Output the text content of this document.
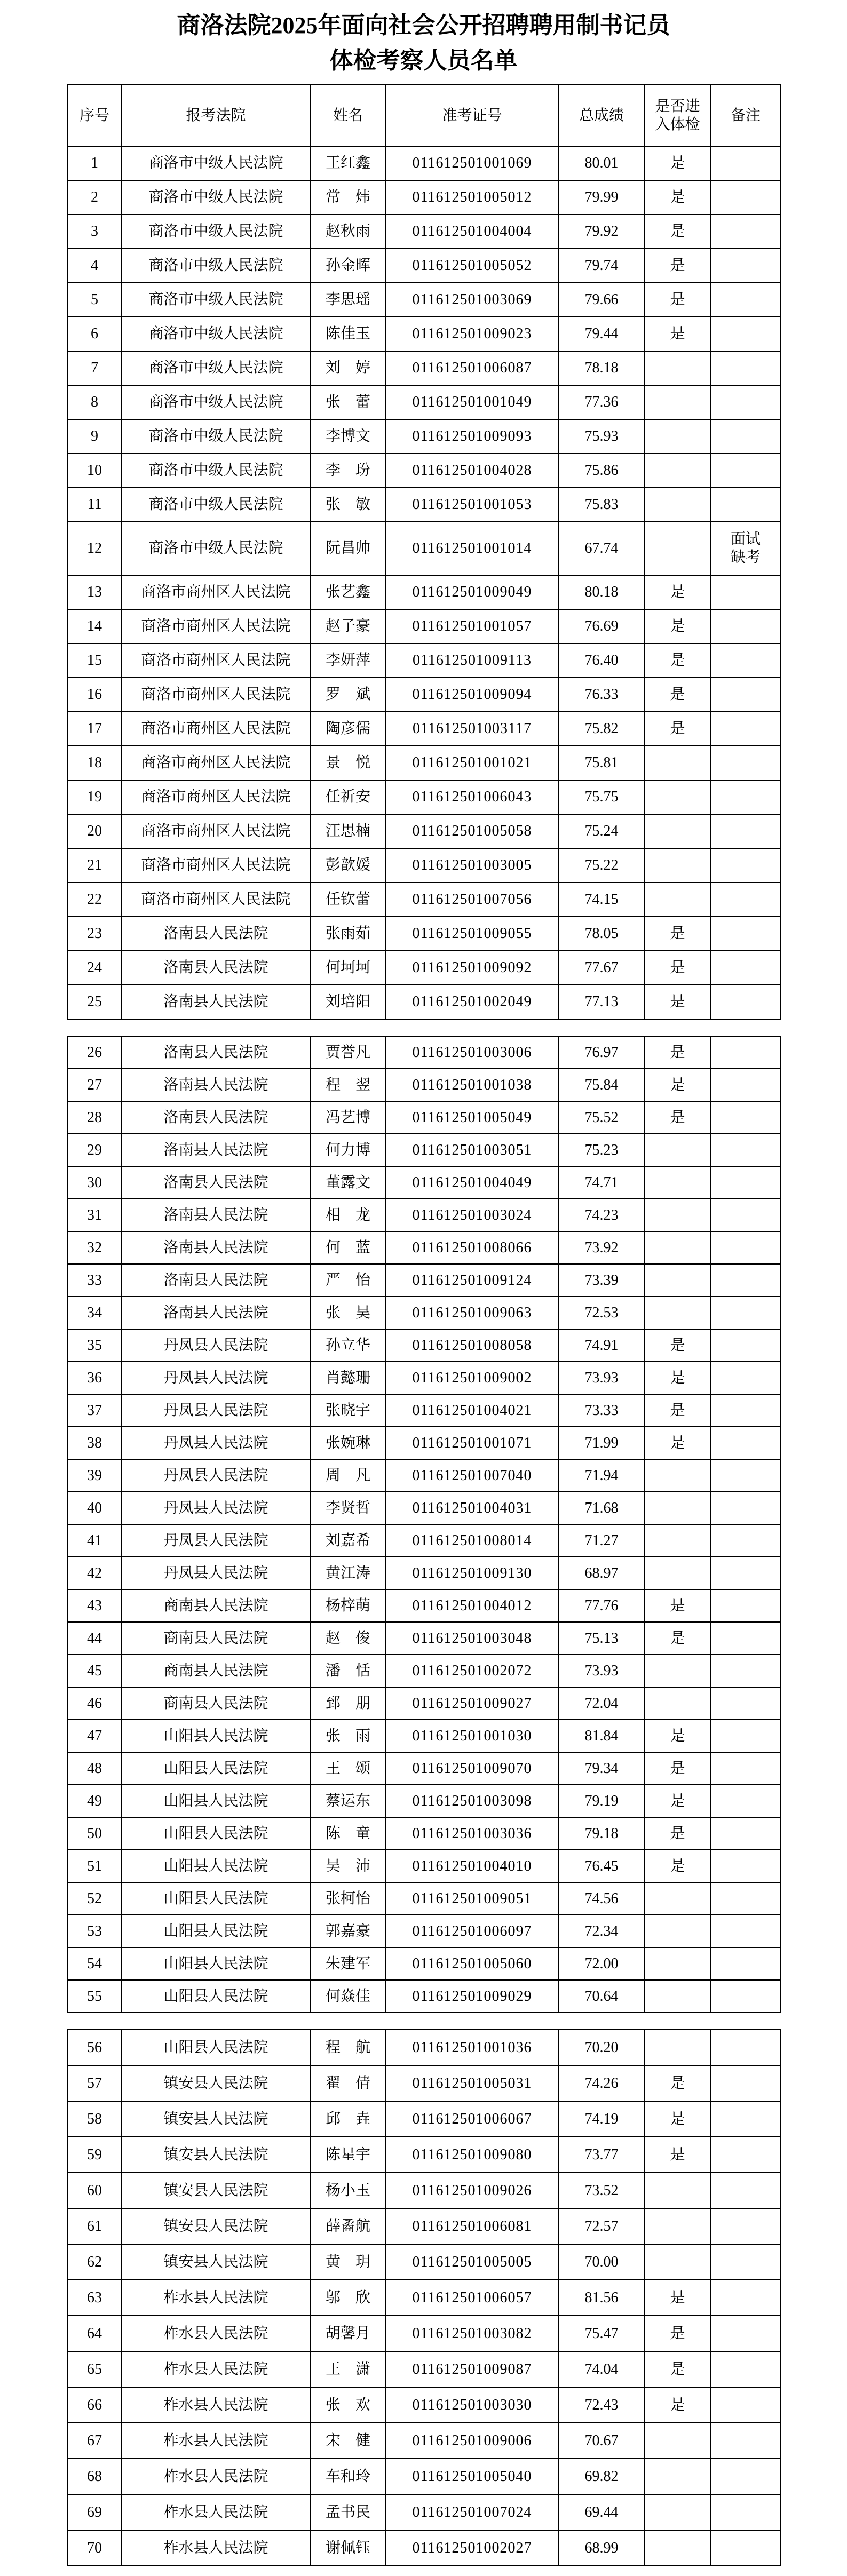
商洛法院2025年面向社会公开招聘聘用制书记员
体检考察人员名单
序号	报考法院	姓名	准考证号	总成绩	是否进入体检	备注
1	商洛市中级人民法院	王红鑫	011612501001069	80.01	是	
2	商洛市中级人民法院	常　炜	011612501005012	79.99	是	
3	商洛市中级人民法院	赵秋雨	011612501004004	79.92	是	
4	商洛市中级人民法院	孙金晖	011612501005052	79.74	是	
5	商洛市中级人民法院	李思瑶	011612501003069	79.66	是	
6	商洛市中级人民法院	陈佳玉	011612501009023	79.44	是	
7	商洛市中级人民法院	刘　婷	011612501006087	78.18		
8	商洛市中级人民法院	张　蕾	011612501001049	77.36		
9	商洛市中级人民法院	李博文	011612501009093	75.93		
10	商洛市中级人民法院	李　玢	011612501004028	75.86		
11	商洛市中级人民法院	张　敏	011612501001053	75.83		
12	商洛市中级人民法院	阮昌帅	011612501001014	67.74		面试缺考
13	商洛市商州区人民法院	张艺鑫	011612501009049	80.18	是	
14	商洛市商州区人民法院	赵子豪	011612501001057	76.69	是	
15	商洛市商州区人民法院	李妍萍	011612501009113	76.40	是	
16	商洛市商州区人民法院	罗　斌	011612501009094	76.33	是	
17	商洛市商州区人民法院	陶彦儒	011612501003117	75.82	是	
18	商洛市商州区人民法院	景　悦	011612501001021	75.81		
19	商洛市商州区人民法院	任祈安	011612501006043	75.75		
20	商洛市商州区人民法院	汪思楠	011612501005058	75.24		
21	商洛市商州区人民法院	彭歆媛	011612501003005	75.22		
22	商洛市商州区人民法院	任钦蕾	011612501007056	74.15		
23	洛南县人民法院	张雨茹	011612501009055	78.05	是	
24	洛南县人民法院	何坷坷	011612501009092	77.67	是	
25	洛南县人民法院	刘培阳	011612501002049	77.13	是	
26	洛南县人民法院	贾誉凡	011612501003006	76.97	是	
27	洛南县人民法院	程　翌	011612501001038	75.84	是	
28	洛南县人民法院	冯艺博	011612501005049	75.52	是	
29	洛南县人民法院	何力博	011612501003051	75.23		
30	洛南县人民法院	董露文	011612501004049	74.71		
31	洛南县人民法院	相　龙	011612501003024	74.23		
32	洛南县人民法院	何　蓝	011612501008066	73.92		
33	洛南县人民法院	严　怡	011612501009124	73.39		
34	洛南县人民法院	张　昊	011612501009063	72.53		
35	丹凤县人民法院	孙立华	011612501008058	74.91	是	
36	丹凤县人民法院	肖懿珊	011612501009002	73.93	是	
37	丹凤县人民法院	张晓宇	011612501004021	73.33	是	
38	丹凤县人民法院	张婉琳	011612501001071	71.99	是	
39	丹凤县人民法院	周　凡	011612501007040	71.94		
40	丹凤县人民法院	李贤哲	011612501004031	71.68		
41	丹凤县人民法院	刘嘉希	011612501008014	71.27		
42	丹凤县人民法院	黄江涛	011612501009130	68.97		
43	商南县人民法院	杨梓萌	011612501004012	77.76	是	
44	商南县人民法院	赵　俊	011612501003048	75.13	是	
45	商南县人民法院	潘　恬	011612501002072	73.93		
46	商南县人民法院	郅　朋	011612501009027	72.04		
47	山阳县人民法院	张　雨	011612501001030	81.84	是	
48	山阳县人民法院	王　颂	011612501009070	79.34	是	
49	山阳县人民法院	蔡运东	011612501003098	79.19	是	
50	山阳县人民法院	陈　童	011612501003036	79.18	是	
51	山阳县人民法院	吴　沛	011612501004010	76.45	是	
52	山阳县人民法院	张柯怡	011612501009051	74.56		
53	山阳县人民法院	郭嘉豪	011612501006097	72.34		
54	山阳县人民法院	朱建军	011612501005060	72.00		
55	山阳县人民法院	何焱佳	011612501009029	70.64		
56	山阳县人民法院	程　航	011612501001036	70.20		
57	镇安县人民法院	翟　倩	011612501005031	74.26	是	
58	镇安县人民法院	邱　垚	011612501006067	74.19	是	
59	镇安县人民法院	陈星宇	011612501009080	73.77	是	
60	镇安县人民法院	杨小玉	011612501009026	73.52		
61	镇安县人民法院	薛矞航	011612501006081	72.57		
62	镇安县人民法院	黄　玥	011612501005005	70.00		
63	柞水县人民法院	邬　欣	011612501006057	81.56	是	
64	柞水县人民法院	胡馨月	011612501003082	75.47	是	
65	柞水县人民法院	王　潇	011612501009087	74.04	是	
66	柞水县人民法院	张　欢	011612501003030	72.43	是	
67	柞水县人民法院	宋　健	011612501009006	70.67		
68	柞水县人民法院	车和玲	011612501005040	69.82		
69	柞水县人民法院	孟书民	011612501007024	69.44		
70	柞水县人民法院	谢佩钰	011612501002027	68.99		
